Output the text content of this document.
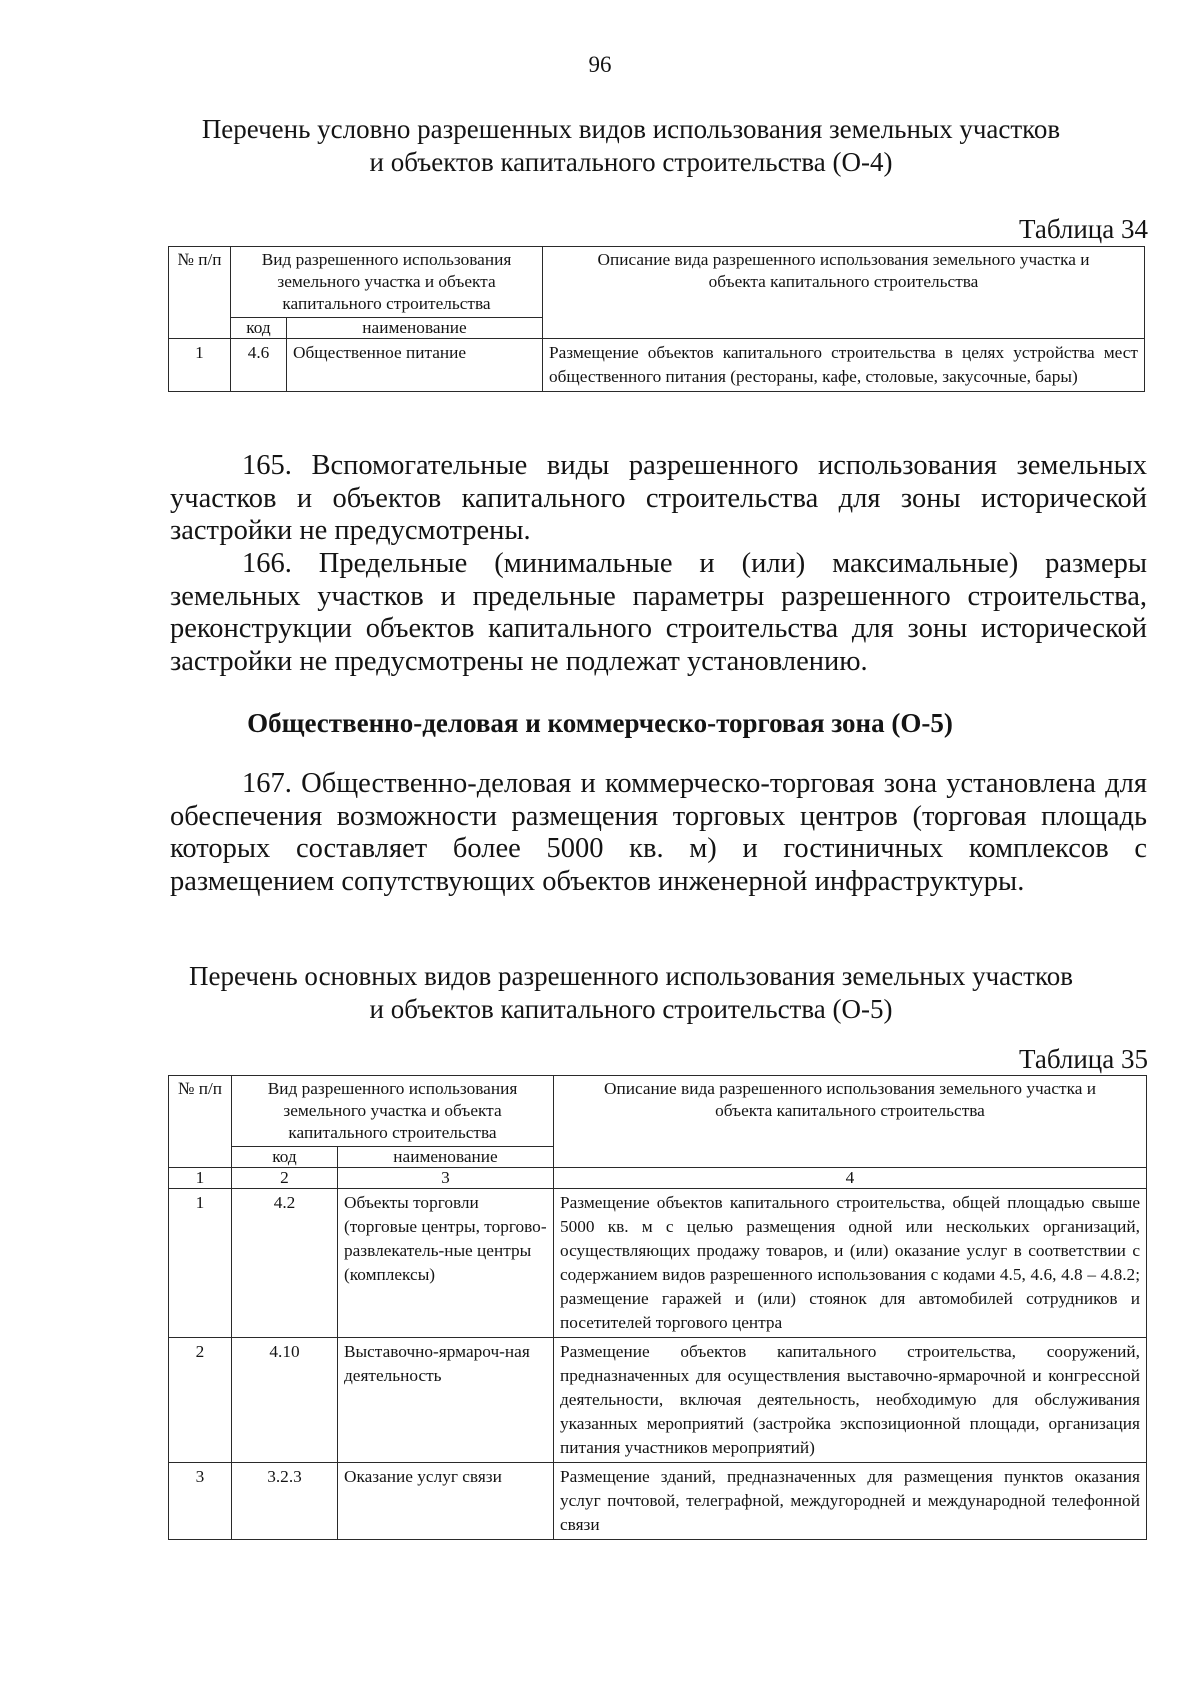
96
Перечень условно разрешенных видов использования земельных участков
и объектов капитального строительства (О-4)
Таблица 34
№ п/п	Вид разрешенного использования земельного участка и объекта капитального строительства		Описание вида разрешенного использования земельного участка и объекта капитального строительства
	код	наименование	
1	4.6	Общественное питание	Размещение объектов капитального строительства в целях устройства мест общественного питания (рестораны, кафе, столовые, закусочные, бары)
165. Вспомогательные виды разрешенного использования земельных участков и объектов капитального строительства для зоны исторической застройки не предусмотрены.
166. Предельные (минимальные и (или) максимальные) размеры земельных участков и предельные параметры разрешенного строительства, реконструкции объектов капитального строительства для зоны исторической застройки не предусмотрены не подлежат установлению.
Общественно-деловая и коммерческо-торговая зона (О-5)
167. Общественно-деловая и коммерческо-торговая зона установлена для обеспечения возможности размещения торговых центров (торговая площадь которых составляет более 5000 кв. м) и гостиничных комплексов с размещением сопутствующих объектов инженерной инфраструктуры.
Перечень основных видов разрешенного использования земельных участков
и объектов капитального строительства (О-5)
Таблица 35
№ п/п	Вид разрешенного использования земельного участка и объекта капитального строительства		Описание вида разрешенного использования земельного участка и объекта капитального строительства
	код	наименование	
1	2	3	4
1	4.2	Объекты торговли (торговые центры, торгово-развлекатель-ные центры (комплексы)	Размещение объектов капитального строительства, общей площадью свыше 5000 кв. м с целью размещения одной или нескольких организаций, осуществляющих продажу товаров, и (или) оказание услуг в соответствии с содержанием видов разрешенного использования с кодами 4.5, 4.6, 4.8 – 4.8.2; размещение гаражей и (или) стоянок для автомобилей сотрудников и посетителей торгового центра
2	4.10	Выставочно-ярмароч-ная деятельность	Размещение объектов капитального строительства, сооружений, предназначенных для осуществления выставочно-ярмарочной и конгрессной деятельности, включая деятельность, необходимую для обслуживания указанных мероприятий (застройка экспозиционной площади, организация питания участников мероприятий)
3	3.2.3	Оказание услуг связи	Размещение зданий, предназначенных для размещения пунктов оказания услуг почтовой, телеграфной, междугородней и международной телефонной связи
